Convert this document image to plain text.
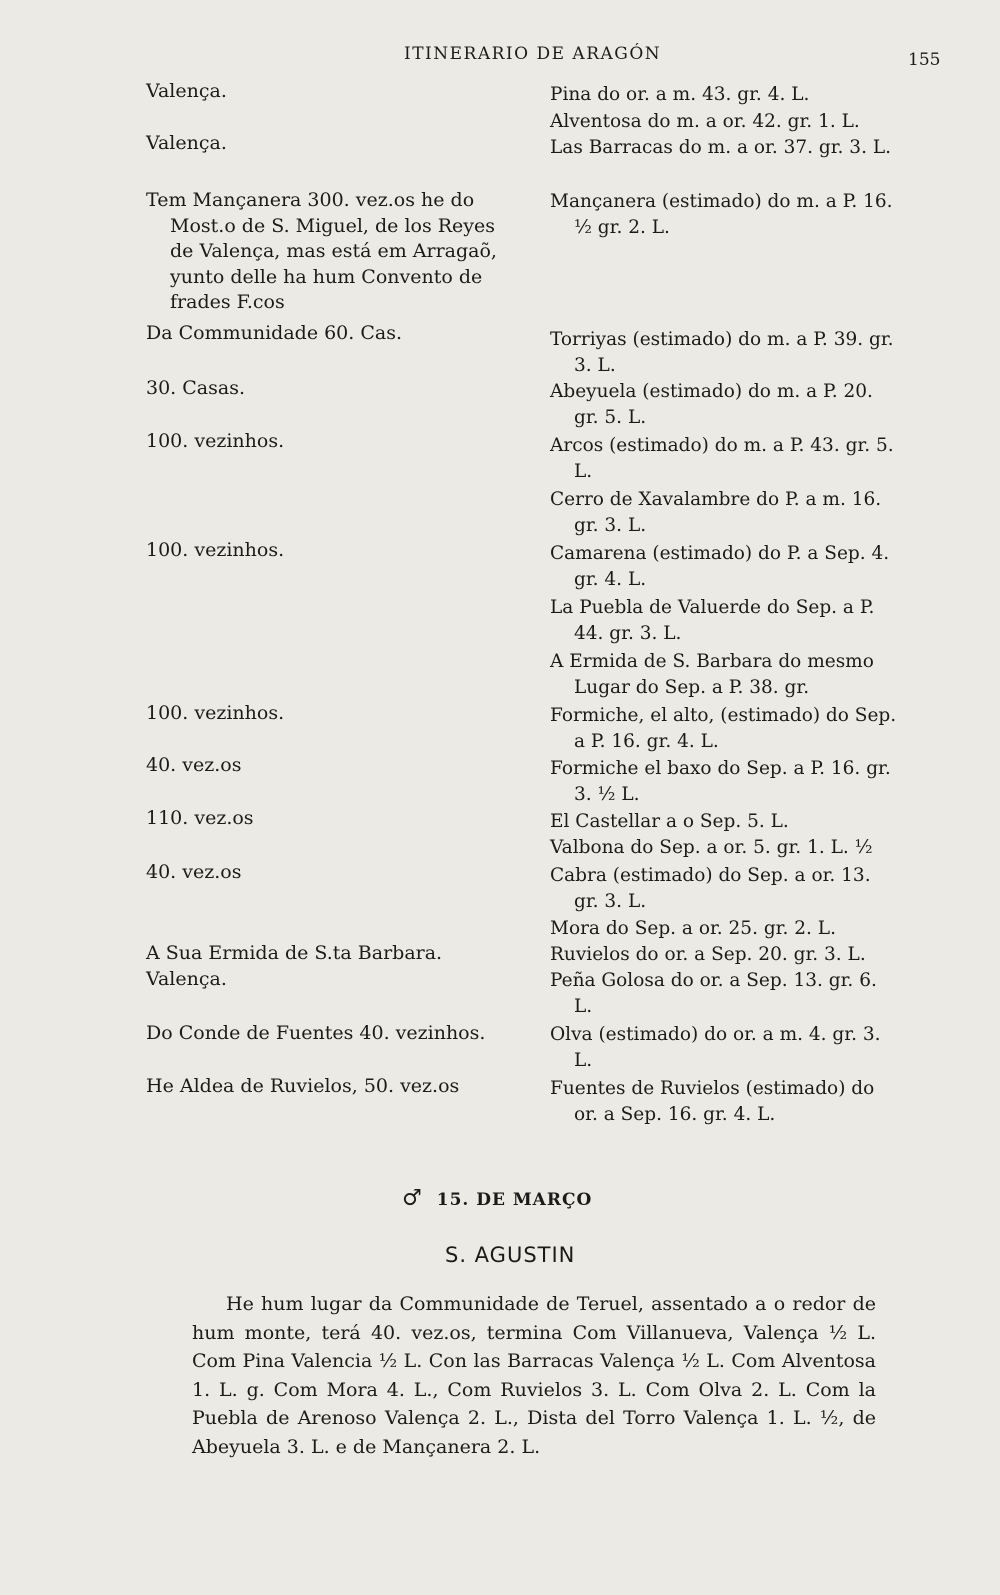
ITINERARIO DE ARAGÓN	155
Valença.
Valença.
Tem Mançanera 300. vez.os he do Most.o de S. Miguel, de los Reyes de Valença, mas está em Arragaõ, yunto delle ha hum Convento de frades F.cos
Da Communidade 60. Cas.
30. Casas.
100. vezinhos.
100. vezinhos.
100. vezinhos.
40. vez.os
110. vez.os
40. vez.os
A Sua Ermida de S.ta Barbara.
Valença.
Do Conde de Fuentes 40. vezinhos.
He Aldea de Ruvielos, 50. vez.os
Pina do or. a m. 43. gr. 4. L.
Alventosa do m. a or. 42. gr. 1. L.
Las Barracas do m. a or. 37. gr. 3. L.
Mançanera (estimado) do m. a P. 16. ½ gr. 2. L.
Torriyas (estimado) do m. a P. 39. gr. 3. L.
Abeyuela (estimado) do m. a P. 20. gr. 5. L.
Arcos (estimado) do m. a P. 43. gr. 5. L.
Cerro de Xavalambre do P. a m. 16. gr. 3. L.
Camarena (estimado) do P. a Sep. 4. gr. 4. L.
La Puebla de Valuerde do Sep. a P. 44. gr. 3. L.
A Ermida de S. Barbara do mesmo Lugar do Sep. a P. 38. gr.
Formiche, el alto, (estimado) do Sep. a P. 16. gr. 4. L.
Formiche el baxo do Sep. a P. 16. gr. 3. ½ L.
El Castellar a o Sep. 5. L.
Valbona do Sep. a or. 5. gr. 1. L. ½
Cabra (estimado) do Sep. a or. 13. gr. 3. L.
Mora do Sep. a or. 25. gr. 2. L.
Ruvielos do or. a Sep. 20. gr. 3. L.
Peña Golosa do or. a Sep. 13. gr. 6. L.
Olva (estimado) do or. a m. 4. gr. 3. L.
Fuentes de Ruvielos (estimado) do or. a Sep. 16. gr. 4. L.
♂ 15. DE MARÇO
S. AGUSTIN
He hum lugar da Communidade de Teruel, assentado a o redor de hum monte, terá 40. vez.os, termina Com Villanueva, Valença ½ L. Com Pina Valencia ½ L. Con las Barracas Valença ½ L. Com Alventosa 1. L. g. Com Mora 4. L., Com Ruvielos 3. L. Com Olva 2. L. Com la Puebla de Arenoso Valença 2. L., Dista del Torro Valença 1. L. ½, de Abeyuela 3. L. e de Mançanera 2. L.
